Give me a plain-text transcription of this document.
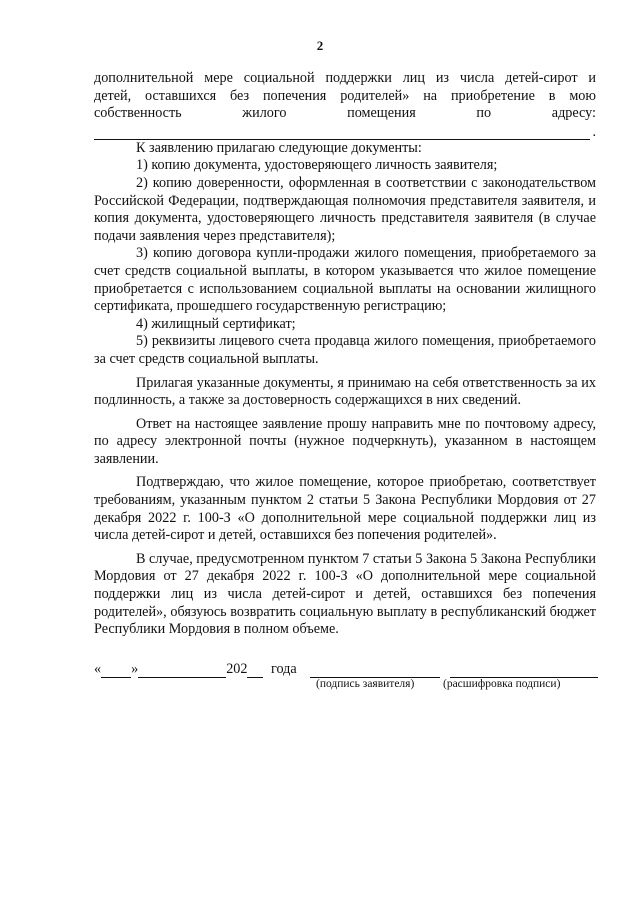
2

дополнительной мере социальной поддержки лиц из числа детей-сирот и

детей, оставшихся без попечения родителей» на приобретение в мою

собственность жилого помещения по адресу:

.

К заявлению прилагаю следующие документы:

1) копию документа, удостоверяющего личность заявителя;

2) копию доверенности, оформленная в соответствии с законодательством Российской Федерации, подтверждающая полномочия представителя заявителя, и копия документа, удостоверяющего личность представителя заявителя (в случае подачи заявления через представителя);

3) копию договора купли-продажи жилого помещения, приобретаемого за счет средств социальной выплаты, в котором указывается что жилое помещение приобретается с использованием социальной выплаты на основании жилищного сертификата, прошедшего государственную регистрацию;

4) жилищный сертификат;

5) реквизиты лицевого счета продавца жилого помещения, приобретаемого за счет средств социальной выплаты.

Прилагая указанные документы, я принимаю на себя ответственность за их подлинность, а также за достоверность содержащихся в них сведений.

Ответ на настоящее заявление прошу направить мне по почтовому адресу, по адресу электронной почты (нужное подчеркнуть), указанном в настоящем заявлении.

Подтверждаю, что жилое помещение, которое приобретаю, соответствует требованиям, указанным пунктом 2 статьи 5 Закона Республики Мордовия от 27 декабря 2022 г. 100-З «О дополнительной мере социальной поддержки лиц из числа детей-сирот и детей, оставшихся без попечения родителей».

В случае, предусмотренном пунктом 7 статьи 5 Закона 5 Закона Республики Мордовия от 27 декабря 2022 г. 100-З «О дополнительной мере социальной поддержки лиц из числа детей-сирот и детей, оставшихся без попечения родителей», обязуюсь возвратить социальную выплату в республиканский бюджет Республики Мордовия в полном объеме.

« »	202 года
(подпись заявителя) (расшифровка подписи)
